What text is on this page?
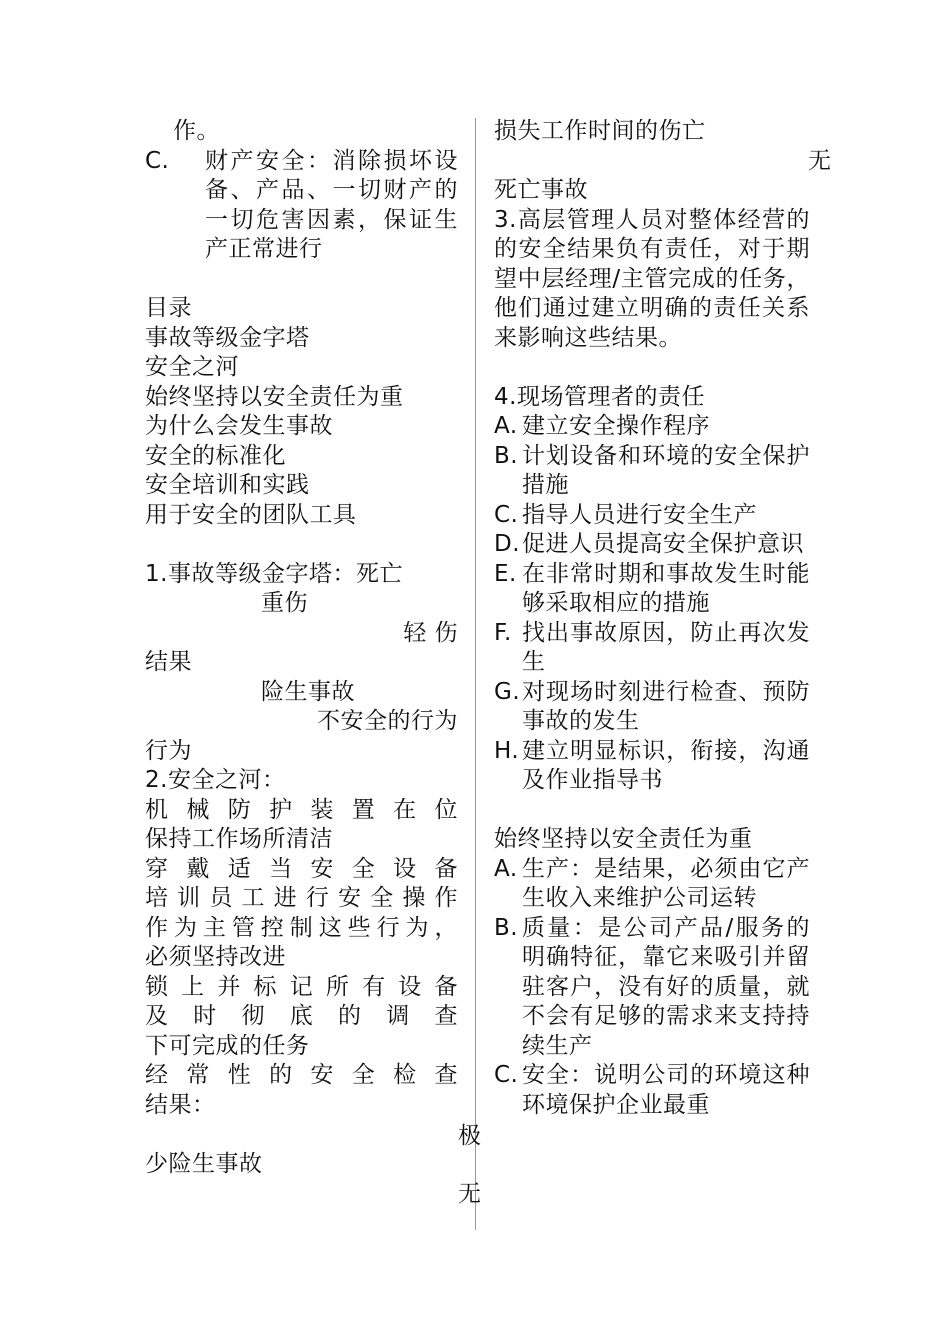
作。
C.	财产安全：消除损坏设备、产品、一切财产的一切危害因素，保证生产正常进行
目录
事故等级金字塔
安全之河
始终坚持以安全责任为重
为什么会发生事故
安全的标准化
安全培训和实践
用于安全的团队工具
1.事故等级金字塔：死亡
重伤
轻 伤
结果
险生事故
不安全的行为
行为
2.安全之河：
机 械 防 护 装 置 在 位
保持工作场所清洁
穿 戴 适 当 安 全 设 备
培训员工进行安全操作
作为主管控制这些行为，
必须坚持改进
锁 上 并 标 记 所 有 设 备
及 时 彻 底 的 调 查
下可完成的任务
经 常 性 的 安 全 检 查
结果：
少险生事故
极
无
损失工作时间的伤亡
无
死亡事故
3.高层管理人员对整体经营的的安全结果负有责任，对于期望中层经理/主管完成的任务，他们通过建立明确的责任关系来影响这些结果。
4.现场管理者的责任
A. 建立安全操作程序
B. 计划设备和环境的安全保护措施
C. 指导人员进行安全生产
D. 促进人员提高安全保护意识
E. 在非常时期和事故发生时能够采取相应的措施
F. 找出事故原因，防止再次发生
G. 对现场时刻进行检查、预防事故的发生
H. 建立明显标识，衔接，沟通及作业指导书
始终坚持以安全责任为重
A. 生产：是结果，必须由它产生收入来维护公司运转
B. 质量：是公司产品/服务的明确特征，靠它来吸引并留驻客户，没有好的质量，就不会有足够的需求来支持持续生产
C. 安全：说明公司的环境这种环境保护企业最重
